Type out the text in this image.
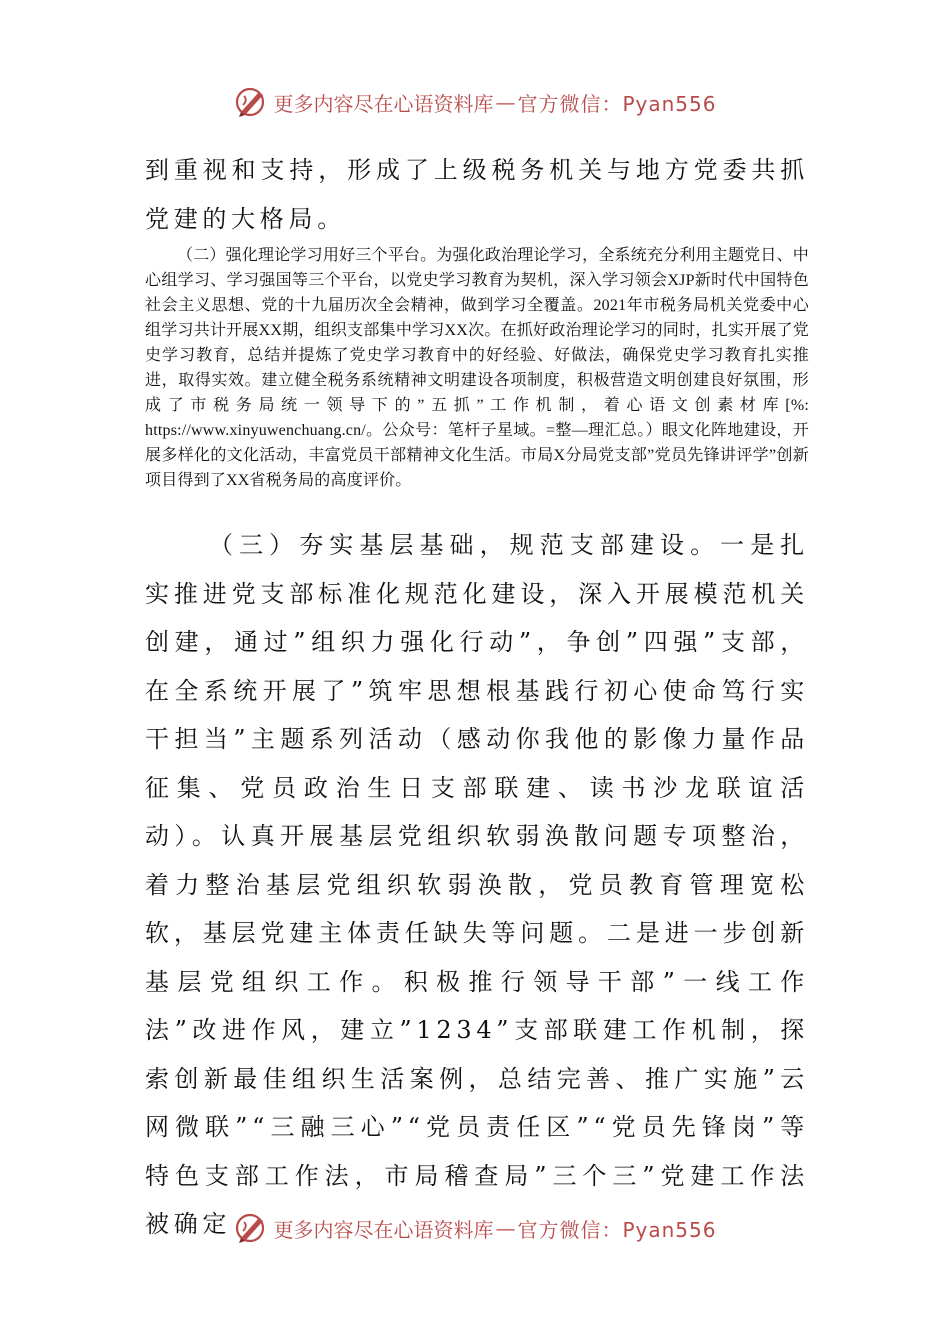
更多内容尽在心语资料库 — 官方微信：Pyan556

到重视和支持，形成了上级税务机关与地方党委共抓党建的大格局。

（二）强化理论学习用好三个平台。为强化政治理论学习，全系统充分利用主题党日、中心组学习、学习强国等三个平台，以党史学习教育为契机，深入学习领会XJP新时代中国特色社会主义思想、党的十九届历次全会精神，做到学习全覆盖。2021年市税务局机关党委中心组学习共计开展XX期，组织支部集中学习XX次。在抓好政治理论学习的同时，扎实开展了党史学习教育，总结并提炼了党史学习教育中的好经验、好做法，确保党史学习教育扎实推进，取得实效。建立健全税务系统精神文明建设各项制度，积极营造文明创建良好氛围，形成了市税务局统一领导下的”五抓”工作机制，着心语文创素材库[%: https://www.xinyuwenchuang.cn/。公众号：笔杆子星域。=整—理汇总。）眼文化阵地建设，开展多样化的文化活动，丰富党员干部精神文化生活。市局X分局党支部”党员先锋讲评学”创新项目得到了XX省税务局的高度评价。

（三）夯实基层基础，规范支部建设。一是扎实推进党支部标准化规范化建设，深入开展模范机关创建，通过”组织力强化行动”，争创”四强”支部，在全系统开展了”筑牢思想根基践行初心使命笃行实干担当”主题系列活动（感动你我他的影像力量作品征集、党员政治生日支部联建、读书沙龙联谊活动）。认真开展基层党组织软弱涣散问题专项整治，着力整治基层党组织软弱涣散，党员教育管理宽松软，基层党建主体责任缺失等问题。二是进一步创新基层党组织工作。积极推行领导干部”一线工作法”改进作风，建立”1234”支部联建工作机制，探索创新最佳组织生活案例，总结完善、推广实施”云网微联”“三融三心”“党员责任区”“党员先锋岗”等特色支部工作法，市局稽查局”三个三”党建工作法被确定	更多内容尽在心语资料库 — 官方微信：Pyan556
